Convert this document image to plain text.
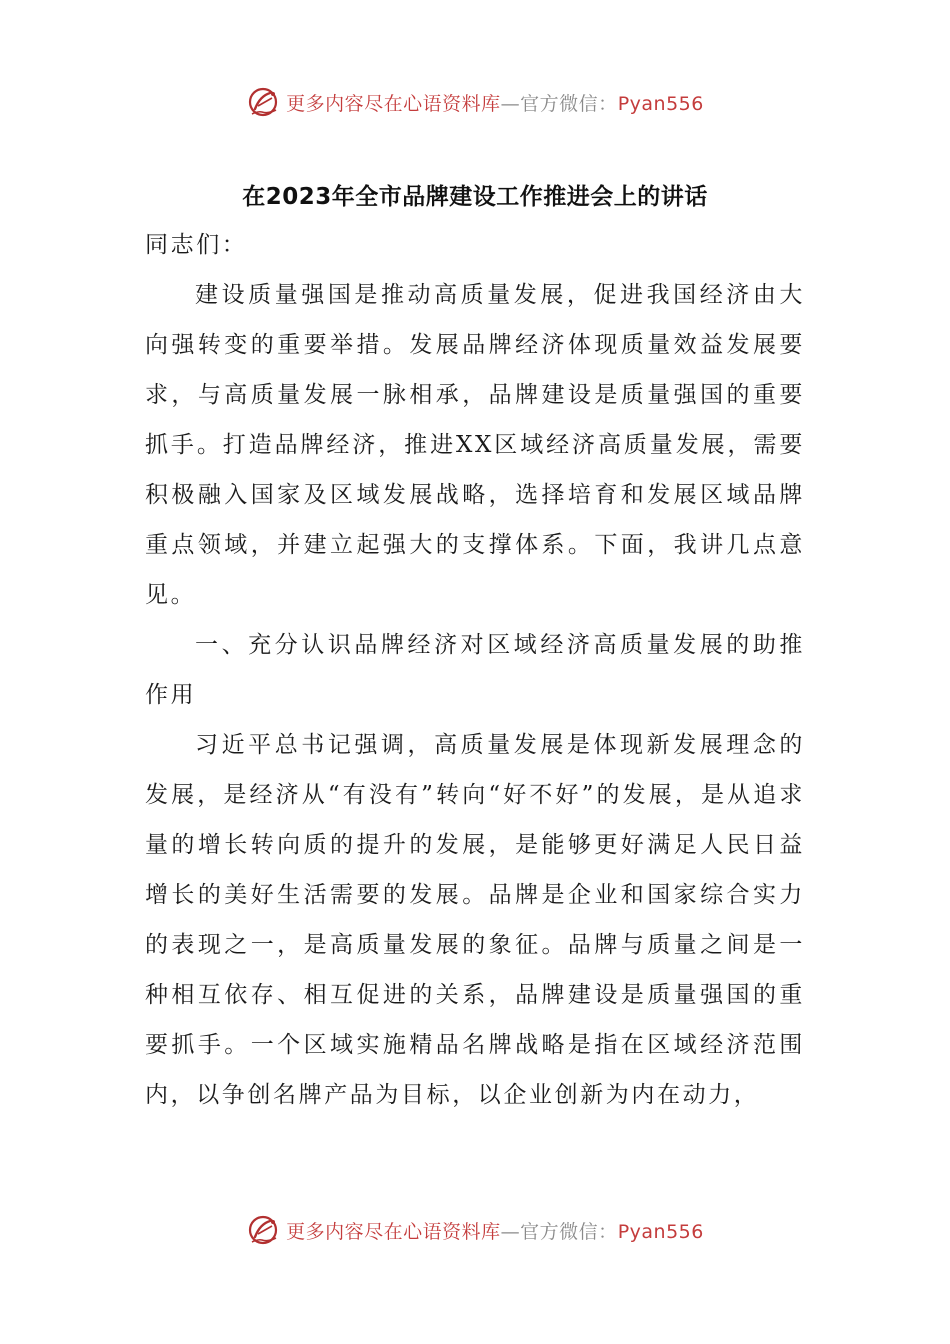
更多内容尽在心语资料库—官方微信：Pyan556
在2023年全市品牌建设工作推进会上的讲话

同志们：

建设质量强国是推动高质量发展，促进我国经济由大向强转变的重要举措。发展品牌经济体现质量效益发展要求，与高质量发展一脉相承，品牌建设是质量强国的重要抓手。打造品牌经济，推进XX区域经济高质量发展，需要积极融入国家及区域发展战略，选择培育和发展区域品牌重点领域，并建立起强大的支撑体系。下面，我讲几点意见。

一、充分认识品牌经济对区域经济高质量发展的助推作用

习近平总书记强调，高质量发展是体现新发展理念的发展，是经济从“有没有”转向“好不好”的发展，是从追求量的增长转向质的提升的发展，是能够更好满足人民日益增长的美好生活需要的发展。品牌是企业和国家综合实力的表现之一，是高质量发展的象征。品牌与质量之间是一种相互依存、相互促进的关系，品牌建设是质量强国的重要抓手。一个区域实施精品名牌战略是指在区域经济范围内，以争创名牌产品为目标，以企业创新为内在动力，

更多内容尽在心语资料库—官方微信：Pyan556
